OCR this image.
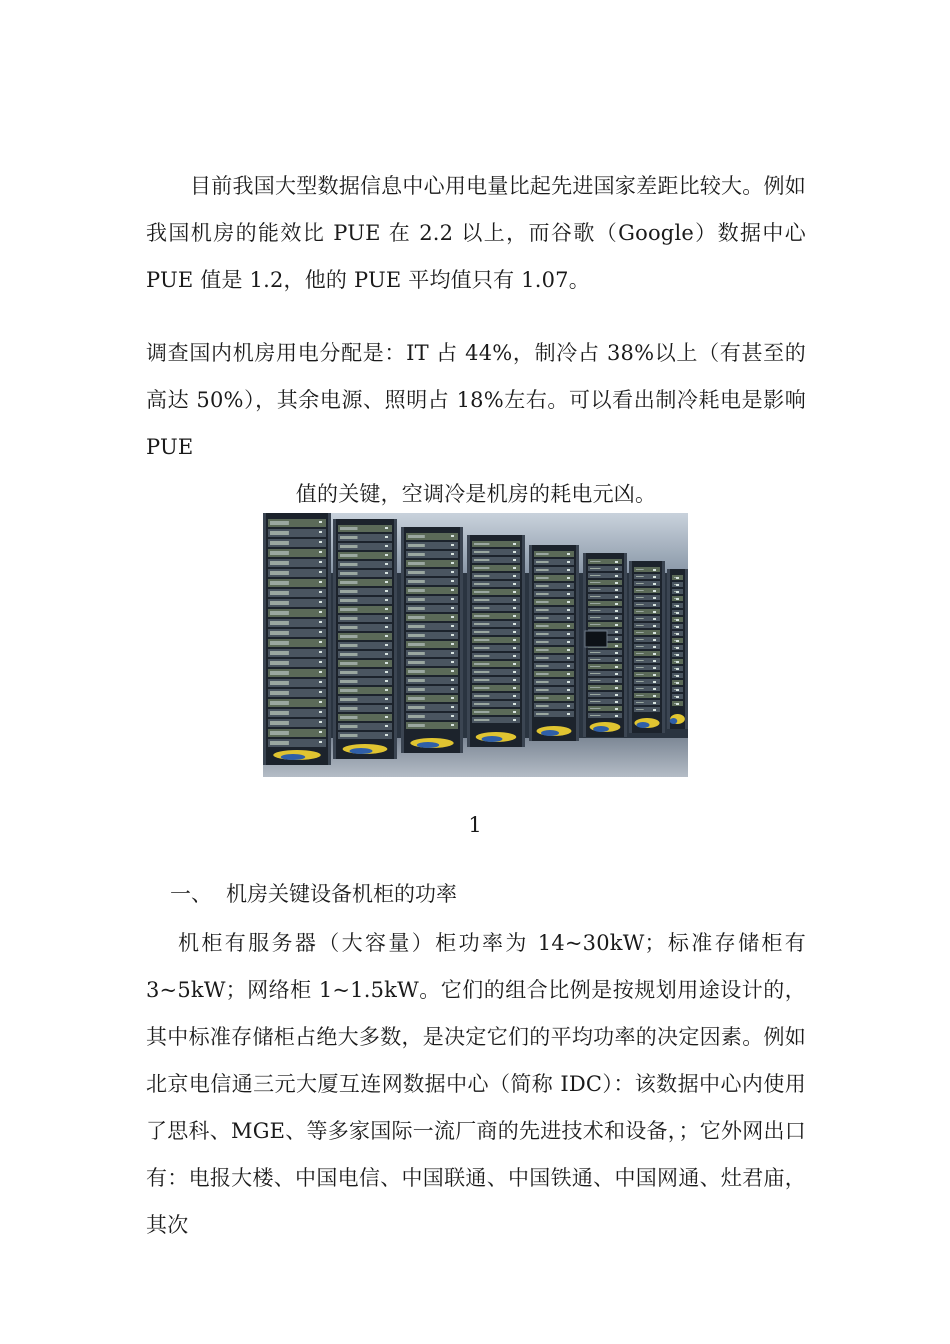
目前我国大型数据信息中心用电量比起先进国家差距比较大。例如我国机房的能效比 PUE 在 2.2 以上，而谷歌（Google）数据中心PUE 值是 1.2，他的 PUE 平均值只有 1.07。

调查国内机房用电分配是：IT 占 44%，制冷占 38%以上（有甚至的高达 50%），其余电源、照明占 18%左右。可以看出制冷耗电是影响 PUE
值的关键，空调冷是机房的耗电元凶。

1

一、 机房关键设备机柜的功率

机柜有服务器（大容量）柜功率为 14~30kW；标准存储柜有 3~5kW；网络柜 1~1.5kW。它们的组合比例是按规划用途设计的，其中标准存储柜占绝大多数，是决定它们的平均功率的决定因素。例如北京电信通三元大厦互连网数据中心（简称 IDC）：该数据中心内使用了思科、MGE、等多家国际一流厂商的先进技术和设备，；它外网出口有：电报大楼、中国电信、中国联通、中国铁通、中国网通、灶君庙，其次
